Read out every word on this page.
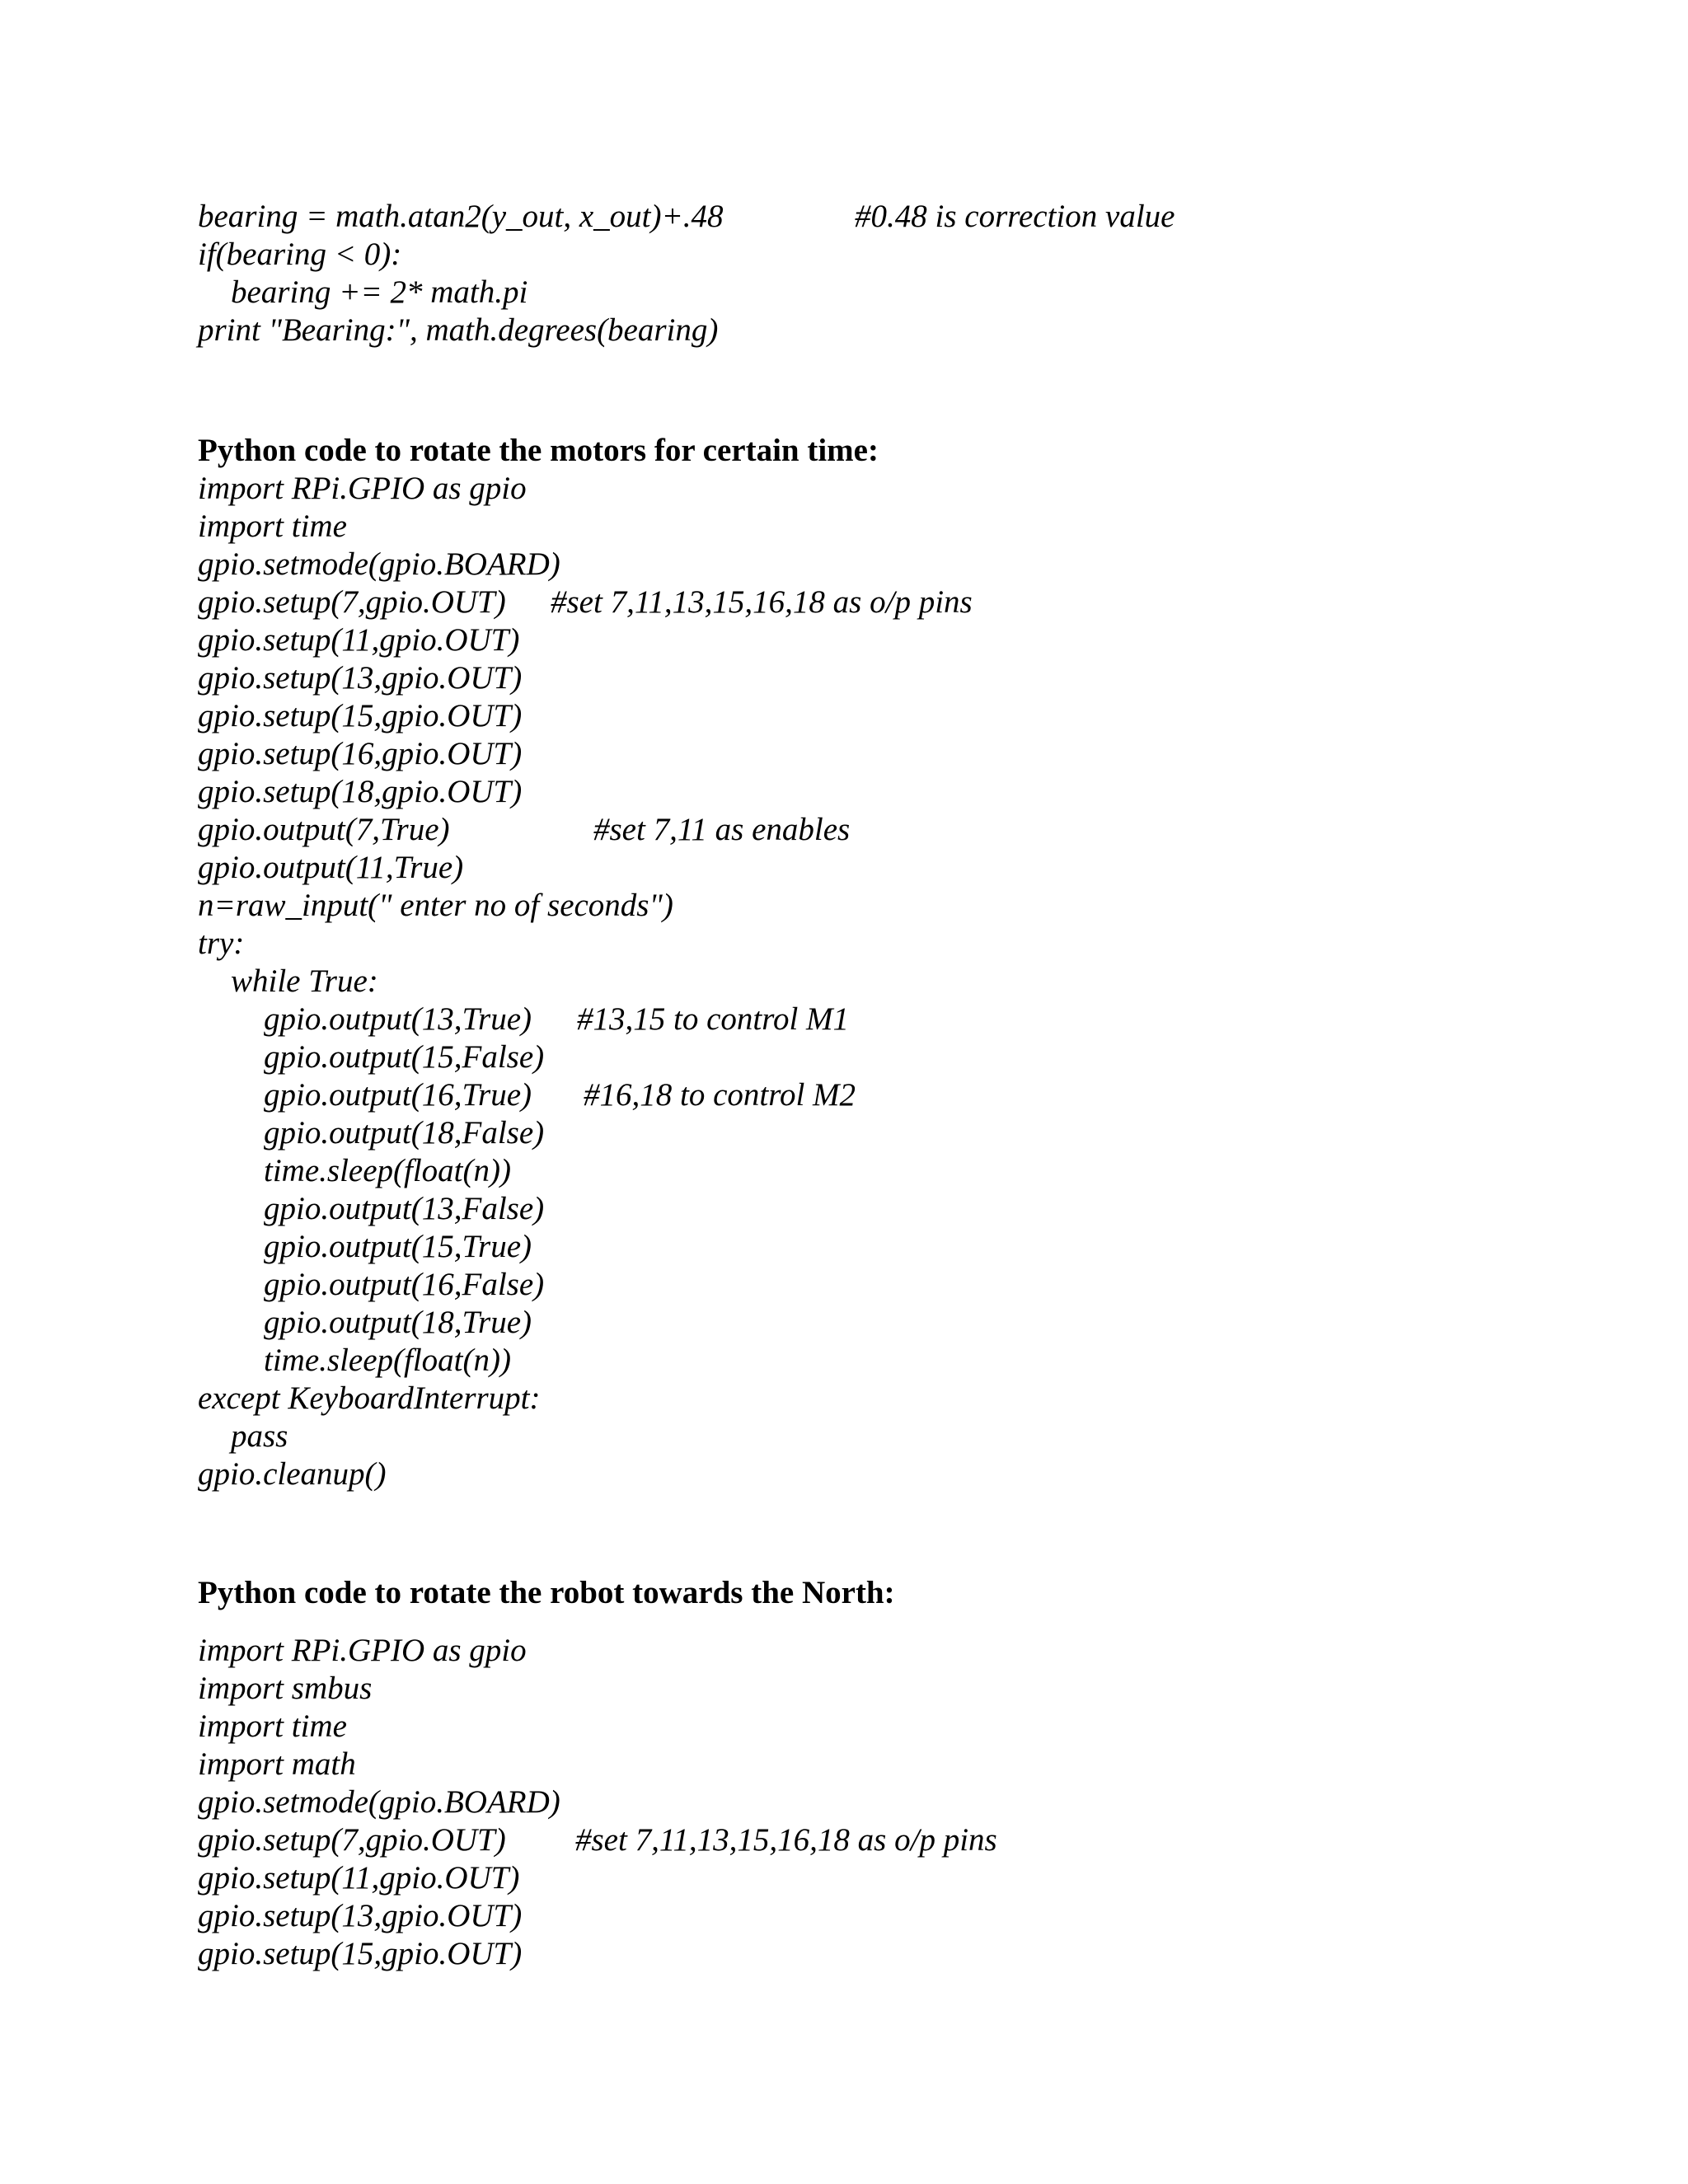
bearing = math.atan2(y_out, x_out)+.48

	#0.48 is correction value

if(bearing < 0):

bearing += 2* math.pi

print "Bearing:", math.degrees(bearing)

Python code to rotate the motors for certain time:
import RPi.GPIO as gpio
import time
gpio.setmode(gpio.BOARD)

gpio.setup(7,gpio.OUT)

#set 7,11,13,15,16,18 as o/p pins

gpio.setup(11,gpio.OUT)
gpio.setup(13,gpio.OUT)
gpio.setup(15,gpio.OUT)
gpio.setup(16,gpio.OUT)
gpio.setup(18,gpio.OUT)

gpio.output(7,True)

	#set 7,11 as enables

gpio.output(11,True)
n=raw_input(" enter no of seconds")
try:
while True:

gpio.output(13,True)

#13,15 to control M1

gpio.output(15,False)

gpio.output(16,True)

#16,18 to control M2

gpio.output(18,False)
time.sleep(float(n))
gpio.output(13,False)
gpio.output(15,True)
gpio.output(16,False)
gpio.output(18,True)
time.sleep(float(n))
except KeyboardInterrupt:
pass
gpio.cleanup()
Python code to rotate the robot towards the North:
import RPi.GPIO as gpio
import smbus
import time
import math
gpio.setmode(gpio.BOARD)

gpio.setup(7,gpio.OUT)

#set 7,11,13,15,16,18 as o/p pins

gpio.setup(11,gpio.OUT)
gpio.setup(13,gpio.OUT)
gpio.setup(15,gpio.OUT)
